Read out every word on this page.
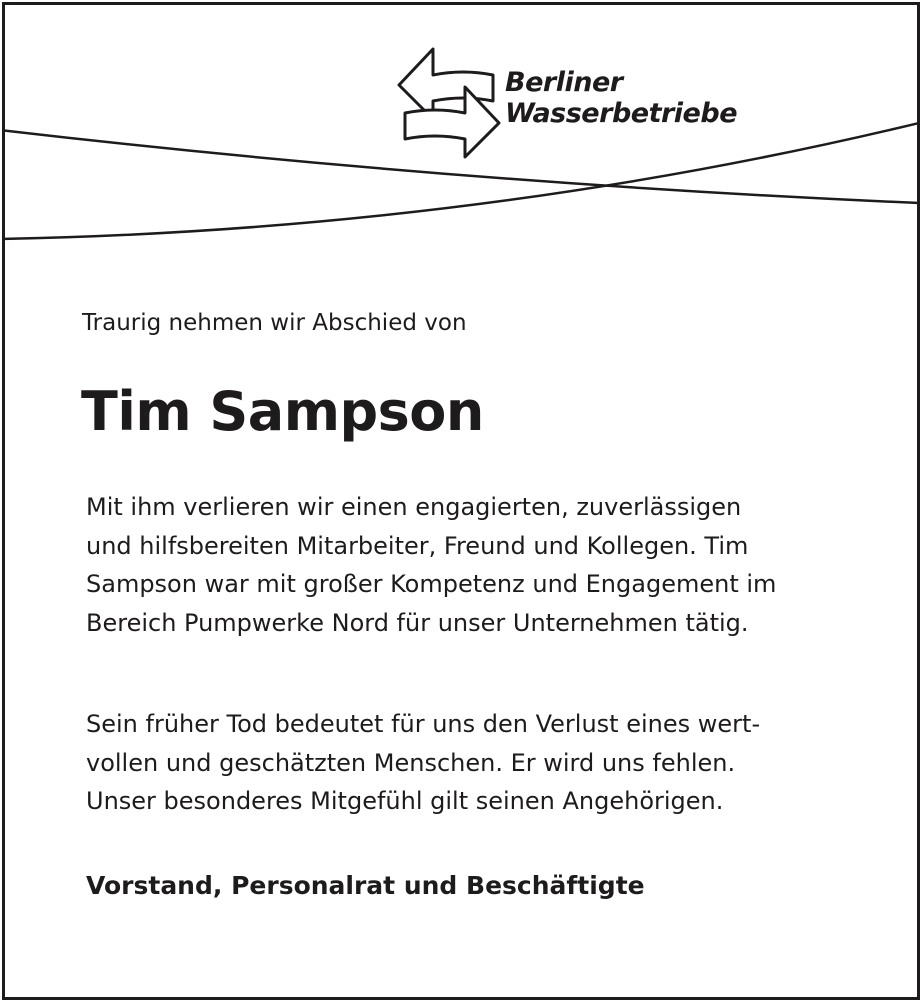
Berliner
Wasserbetriebe
Traurig nehmen wir Abschied von
Tim Sampson
Mit ihm verlieren wir einen engagierten, zuverlässigen
und hilfsbereiten Mitarbeiter, Freund und Kollegen. Tim
Sampson war mit großer Kompetenz und Engagement im
Bereich Pumpwerke Nord für unser Unternehmen tätig.
Sein früher Tod bedeutet für uns den Verlust eines wert-
vollen und geschätzten Menschen. Er wird uns fehlen.
Unser besonderes Mitgefühl gilt seinen Angehörigen.
Vorstand, Personalrat und Beschäftigte
